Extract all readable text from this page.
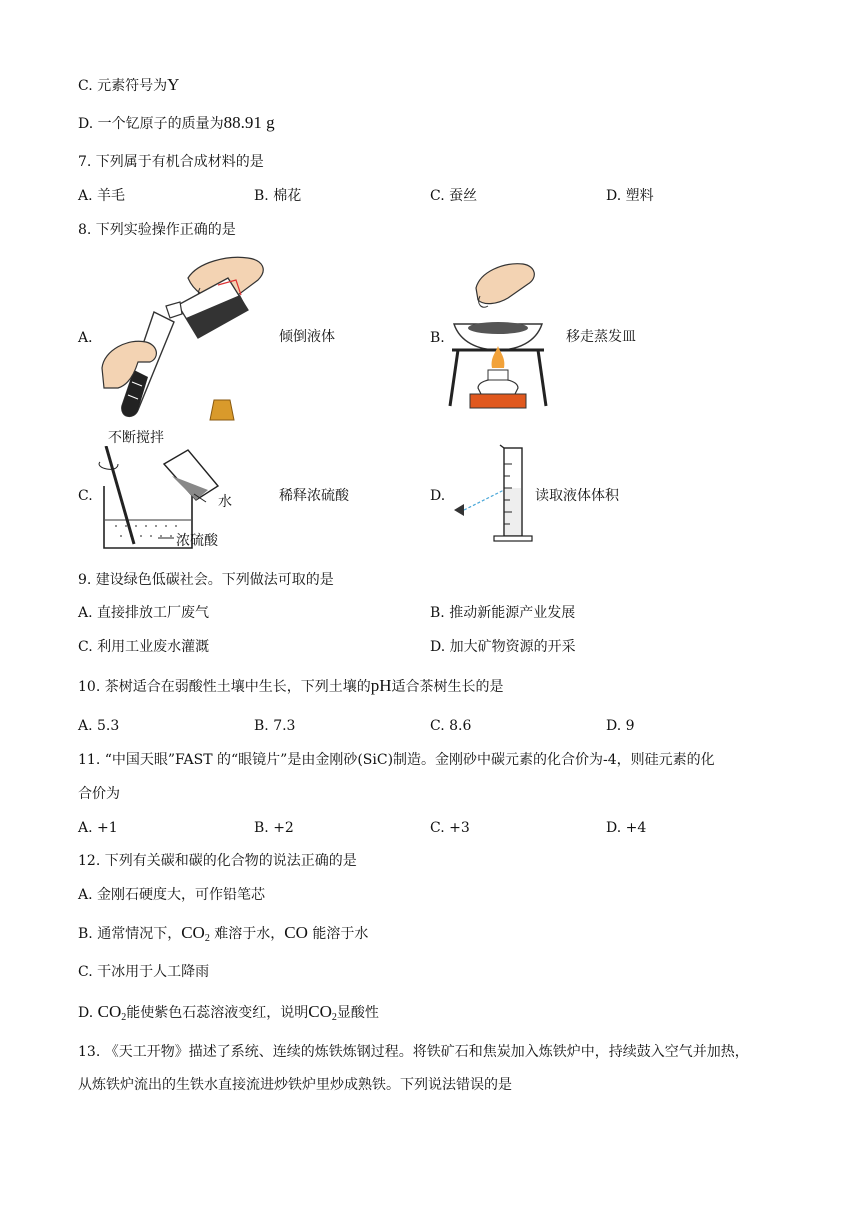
C. 元素符号为Y
D. 一个钇原子的质量为88.91 g
7. 下列属于有机合成材料的是
A. 羊毛	B. 棉花	C. 蚕丝	D. 塑料
8. 下列实验操作正确的是
A．	倾倒液体	B.	移走蒸发皿
不断搅拌
C.	水
浓硫酸
稀释浓硫酸	D.	读取液体体积
9. 建设绿色低碳社会。下列做法可取的是
A. 直接排放工厂废气	B. 推动新能源产业发展
C. 利用工业废水灌溉	D. 加大矿物资源的开采
10. 茶树适合在弱酸性土壤中生长，下列土壤的pH适合茶树生长的是
A. 5.3	B. 7.3	C. 8.6	D. 9
11. “中国天眼”FAST 的“眼镜片”是由金刚砂(SiC)制造。金刚砂中碳元素的化合价为-4，则硅元素的化
合价为
A. +1	B. +2	C. +3	D. +4
12. 下列有关碳和碳的化合物的说法正确的是
A. 金刚石硬度大，可作铅笔芯
B. 通常情况下，$CO_2$ 难溶于水，CO 能溶于水
C. 干冰用于人工降雨
D. $CO_2$能使紫色石蕊溶液变红，说明$CO_2$显酸性
13. 《天工开物》描述了系统、连续的炼铁炼钢过程。将铁矿石和焦炭加入炼铁炉中，持续鼓入空气并加热，
从炼铁炉流出的生铁水直接流进炒铁炉里炒成熟铁。下列说法错误的是
